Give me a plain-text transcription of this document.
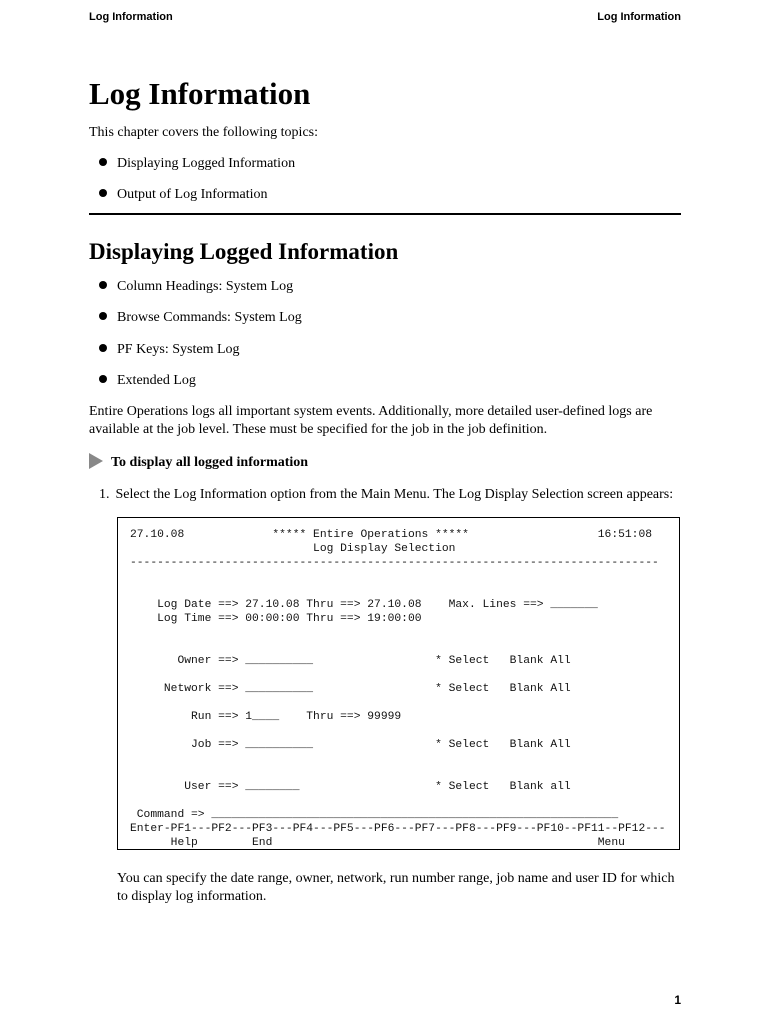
Log Information	Log Information
Log Information

This chapter covers the following topics:

Displaying Logged Information
Output of Log Information
Displaying Logged Information
Column Headings: System Log
Browse Commands: System Log
PF Keys: System Log
Extended Log

Entire Operations logs all important system events. Additionally, more detailed user-defined logs are

available at the job level. These must be specified for the job in the job definition.

To display all logged information
1. Select the Log Information option from the Main Menu. The Log Display Selection screen appears:
27.10.08             ***** Entire Operations *****                   16:51:08
Log Display Selection
------------------------------------------------------------------------------

Log Date ==> 27.10.08 Thru ==> 27.10.08    Max. Lines ==> _______
Log Time ==> 00:00:00 Thru ==> 19:00:00

Owner ==> __________                  * Select   Blank All

Network ==> __________                  * Select   Blank All

Run ==> 1____    Thru ==> 99999

Job ==> __________                  * Select   Blank All

User ==> ________                    * Select   Blank all

Command => ____________________________________________________________
Enter-PF1---PF2---PF3---PF4---PF5---PF6---PF7---PF8---PF9---PF10--PF11--PF12---
Help        End                                                Menu
You can specify the date range, owner, network, run number range, job name and user ID for which to display log information.
1
